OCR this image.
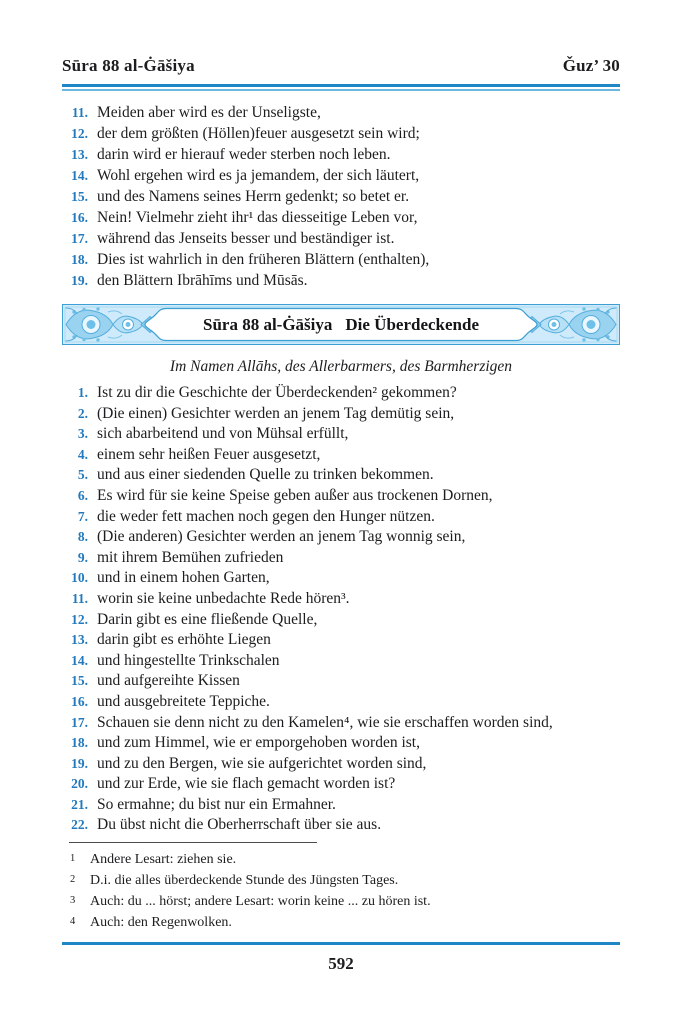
Sūra 88 al-Ġāšiya	Ǧuz’ 30
11. Meiden aber wird es der Unseligste,
12. der dem größten (Höllen)feuer ausgesetzt sein wird;
13. darin wird er hierauf weder sterben noch leben.
14. Wohl ergehen wird es ja jemandem, der sich läutert,
15. und des Namens seines Herrn gedenkt; so betet er.
16. Nein! Vielmehr zieht ihr¹ das diesseitige Leben vor,
17. während das Jenseits besser und beständiger ist.
18. Dies ist wahrlich in den früheren Blättern (enthalten),
19. den Blättern Ibrāhīms und Mūsās.
Sūra 88 al-Ġāšiya Die Überdeckende
Im Namen Allāhs, des Allerbarmers, des Barmherzigen
1. Ist zu dir die Geschichte der Überdeckenden² gekommen?
2. (Die einen) Gesichter werden an jenem Tag demütig sein,
3. sich abarbeitend und von Mühsal erfüllt,
4. einem sehr heißen Feuer ausgesetzt,
5. und aus einer siedenden Quelle zu trinken bekommen.
6. Es wird für sie keine Speise geben außer aus trockenen Dornen,
7. die weder fett machen noch gegen den Hunger nützen.
8. (Die anderen) Gesichter werden an jenem Tag wonnig sein,
9. mit ihrem Bemühen zufrieden
10. und in einem hohen Garten,
11. worin sie keine unbedachte Rede hören³.
12. Darin gibt es eine fließende Quelle,
13. darin gibt es erhöhte Liegen
14. und hingestellte Trinkschalen
15. und aufgereihte Kissen
16. und ausgebreitete Teppiche.
17. Schauen sie denn nicht zu den Kamelen⁴, wie sie erschaffen worden sind,
18. und zum Himmel, wie er emporgehoben worden ist,
19. und zu den Bergen, wie sie aufgerichtet worden sind,
20. und zur Erde, wie sie flach gemacht worden ist?
21. So ermahne; du bist nur ein Ermahner.
22. Du übst nicht die Oberherrschaft über sie aus.
1	Andere Lesart: ziehen sie.
2	D.i. die alles überdeckende Stunde des Jüngsten Tages.
3	Auch: du ... hörst; andere Lesart: worin keine ... zu hören ist.
4	Auch: den Regenwolken.
592
